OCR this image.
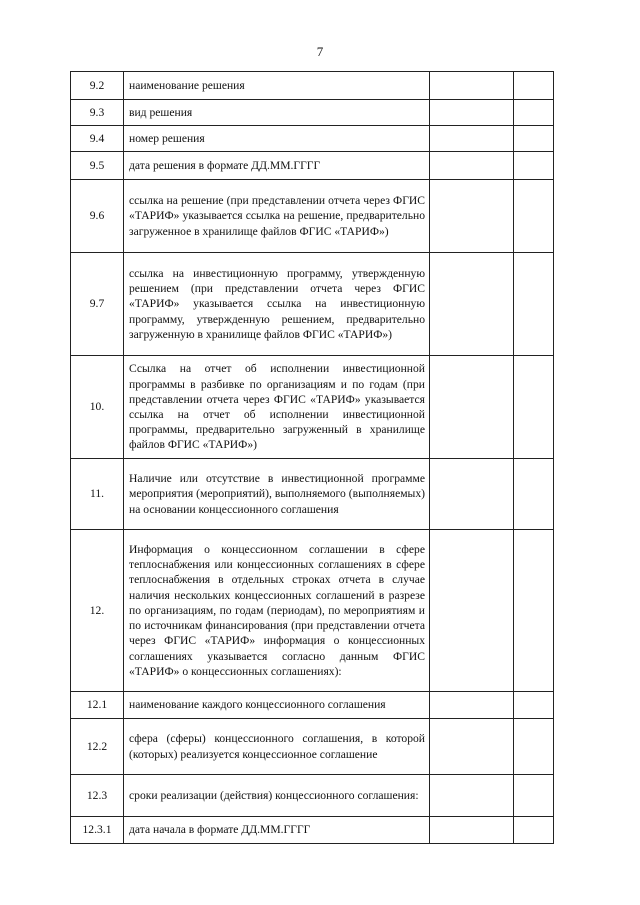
7
9.2	наименование решения		
9.3	вид решения		
9.4	номер решения		
9.5	дата решения в формате ДД.ММ.ГГГГ		
9.6	ссылка на решение (при представлении отчета через ФГИС «ТАРИФ» указывается ссылка на решение, предварительно загруженное в хранилище файлов ФГИС «ТАРИФ»)		
9.7	ссылка на инвестиционную программу, утвержденную решением (при представлении отчета через ФГИС «ТАРИФ» указывается ссылка на инвестиционную программу, утвержденную решением, предварительно загруженную в хранилище файлов ФГИС «ТАРИФ»)		
10.	Ссылка на отчет об исполнении инвестиционной программы в разбивке по организациям и по годам (при представлении отчета через ФГИС «ТАРИФ» указывается ссылка на отчет об исполнении инвестиционной программы, предварительно загруженный в хранилище файлов ФГИС «ТАРИФ»)		
11.	Наличие или отсутствие в инвестиционной программе мероприятия (мероприятий), выполняемого (выполняемых) на основании концессионного соглашения		
12.	Информация о концессионном соглашении в сфере теплоснабжения или концессионных соглашениях в сфере теплоснабжения в отдельных строках отчета в случае наличия нескольких концессионных соглашений в разрезе по организациям, по годам (периодам), по мероприятиям и по источникам финансирования (при представлении отчета через ФГИС «ТАРИФ» информация о концессионных соглашениях указывается согласно данным ФГИС «ТАРИФ» о концессионных соглашениях):		
12.1	наименование каждого концессионного соглашения		
12.2	сфера (сферы) концессионного соглашения, в которой (которых) реализуется концессионное соглашение		
12.3	сроки реализации (действия) концессионного соглашения:		
12.3.1	дата начала в формате ДД.ММ.ГГГГ		
